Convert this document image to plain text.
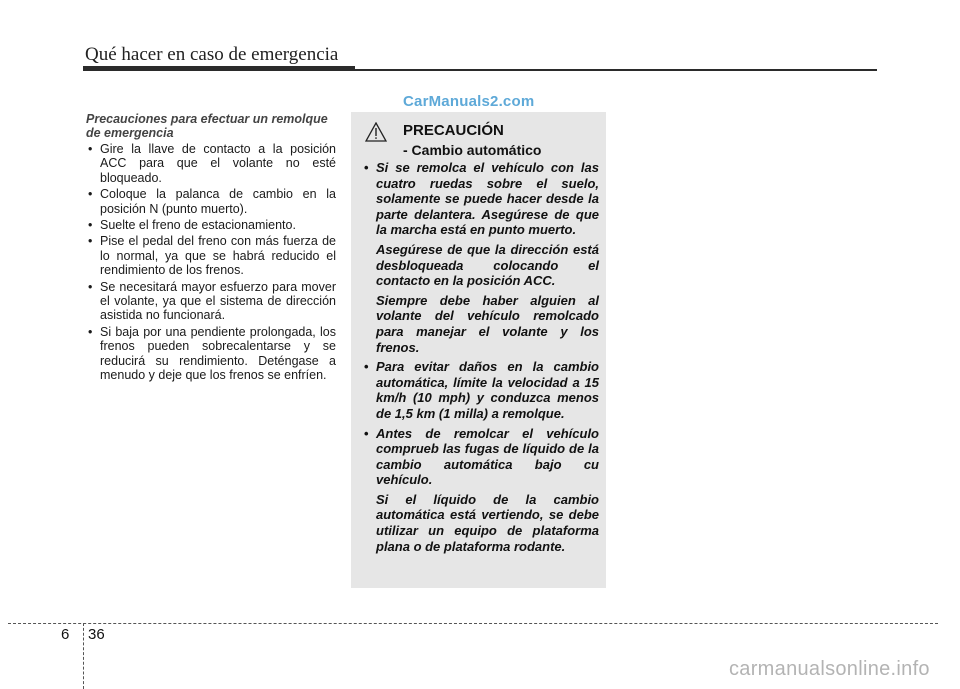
Qué hacer en caso de emergencia
CarManuals2.com
Precauciones para efectuar un remolque de emergencia
• Gire la llave de contacto a la posición ACC para que el volante no esté bloqueado.
• Coloque la palanca de cambio en la posición N (punto muerto).
• Suelte el freno de estacionamiento.
• Pise el pedal del freno con más fuerza de lo normal, ya que se habrá reducido el rendimiento de los frenos.
• Se necesitará mayor esfuerzo para mover el volante, ya que el sistema de dirección asistida no funcionará.
• Si baja por una pendiente prolongada, los frenos pueden sobrecalentarse y se reducirá su rendimiento. Deténgase a menudo y deje que los frenos se enfríen.
PRECAUCIÓN
- Cambio automático
• Si se remolca el vehículo con las cuatro ruedas sobre el suelo, solamente se puede hacer desde la parte delantera. Asegúrese de que la marcha está en punto muerto.

Asegúrese de que la dirección está desbloqueada colocando el contacto en la posición ACC.

Siempre debe haber alguien al volante del vehículo remolcado para manejar el volante y los frenos.

• Para evitar daños en la cambio automática, límite la velocidad a 15 km/h (10 mph) y conduzca menos de 1,5 km (1 milla) a remolque.

• Antes de remolcar el vehículo comprueb las fugas de líquido de la cambio automática bajo cu vehículo.

Si el líquido de la cambio automática está vertiendo, se debe utilizar un equipo de plataforma plana o de plataforma rodante.

6 36
carmanualsonline.info
